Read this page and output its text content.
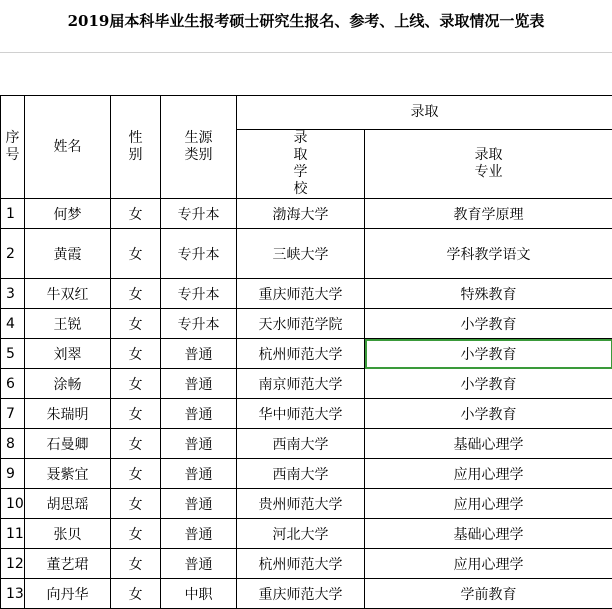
2019届本科毕业生报考硕士研究生报名、参考、上线、录取情况一览表
序号	姓名	性别	生源类别	录取	
				录取学校	录取专业
1	何梦	女	专升本	渤海大学	教育学原理
2	黄霞	女	专升本	三峡大学	学科教学语文
3	牛双红	女	专升本	重庆师范大学	特殊教育
4	王锐	女	专升本	天水师范学院	小学教育
5	刘翠	女	普通	杭州师范大学	小学教育
6	涂畅	女	普通	南京师范大学	小学教育
7	朱瑞明	女	普通	华中师范大学	小学教育
8	石曼卿	女	普通	西南大学	基础心理学
9	聂紫宜	女	普通	西南大学	应用心理学
10	胡思瑶	女	普通	贵州师范大学	应用心理学
11	张贝	女	普通	河北大学	基础心理学
12	董艺珺	女	普通	杭州师范大学	应用心理学
13	向丹华	女	中职	重庆师范大学	学前教育
